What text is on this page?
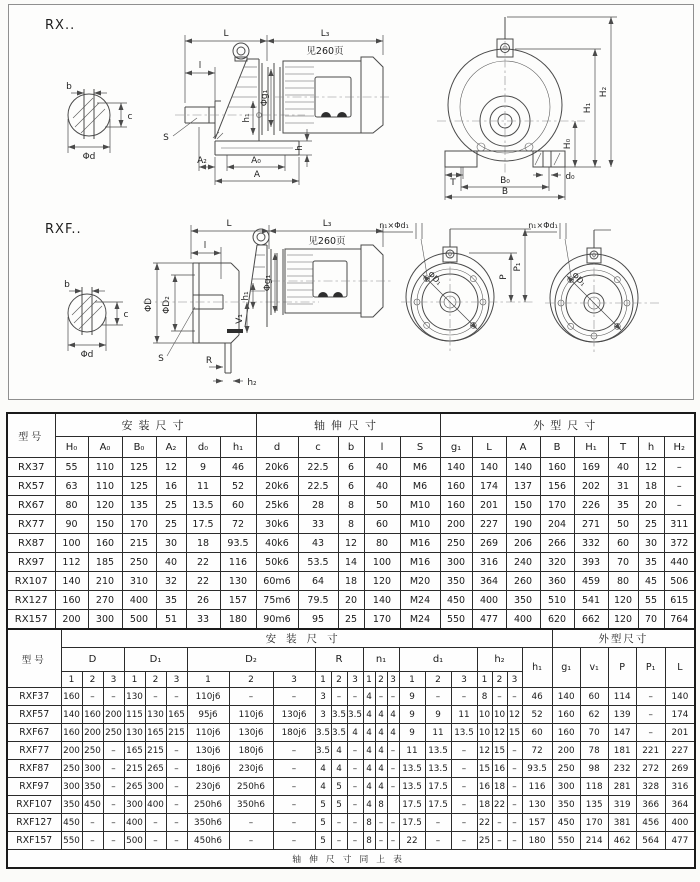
RX..
b
c
Φd
L	L₃
见260页
l
Φg₁
h₁
S
h
A₂	A₀
A
H₀
H₁
H₂
T
d₀
B₀
B
RXF..
b
c
Φd
L	L₃
见260页
l
ΦD ΦD₂
R
h₂
V₁
Φg₁
h₁
S
P
P₁
ΦD₁
n₁×Φd₁
ΦD₁
n₁×Φd₁
型号	安装尺寸						轴伸尺寸					外型尺寸							
	H₀	A₀	B₀	A₂	d₀	h₁	d	c	b	l	S	g₁	L	A	B	H₁	T	h	H₂
RX37	55	110	125	12	9	46	20k6	22.5	6	40	M6	140	140	140	160	169	40	12	–
RX57	63	110	125	16	11	52	20k6	22.5	6	40	M6	160	174	137	156	202	31	18	–
RX67	80	120	135	25	13.5	60	25k6	28	8	50	M10	160	201	150	170	226	35	20	–
RX77	90	150	170	25	17.5	72	30k6	33	8	60	M10	200	227	190	204	271	50	25	311
RX87	100	160	215	30	18	93.5	40k6	43	12	80	M16	250	269	206	266	332	60	30	372
RX97	112	185	250	40	22	116	50k6	53.5	14	100	M16	300	316	240	320	393	70	35	440
RX107	140	210	310	32	22	130	60m6	64	18	120	M20	350	364	260	360	459	80	45	506
RX127	160	270	400	35	26	157	75m6	79.5	20	140	M24	450	400	350	510	541	120	55	615
RX157	200	300	500	51	33	180	90m6	95	25	170	M24	550	477	400	620	662	120	70	764
型号	安装尺寸																						外型尺寸				
	D			D₁			D₂			R			n₁			d₁			h₂			h₁	g₁	v₁	P	P₁	L
	1	2	3	1	2	3	1	2	3	1	2	3	1	2	3	1	2	3	1	2	3						
RXF37	160	–	–	130	–	–	110j6	–	–	3	–	–	4	–	–	9	–	–	8	–	–	46	140	60	114	–	140
RXF57	140	160	200	115	130	165	95j6	110j6	130j6	3	3.5	3.5	4	4	4	9	9	11	10	10	12	52	160	62	139	–	174
RXF67	160	200	250	130	165	215	110j6	130j6	180j6	3.5	3.5	4	4	4	4	9	11	13.5	10	12	15	60	160	70	147	–	201
RXF77	200	250	–	165	215	–	130j6	180j6	–	3.5	4	–	4	4	–	11	13.5	–	12	15	–	72	200	78	181	221	227
RXF87	250	300	–	215	265	–	180j6	230j6	–	4	4	–	4	4	–	13.5	13.5	–	15	16	–	93.5	250	98	232	272	269
RXF97	300	350	–	265	300	–	230j6	250h6	–	4	5	–	4	4	–	13.5	17.5	–	16	18	–	116	300	118	281	328	316
RXF107	350	450	–	300	400	–	250h6	350h6	–	5	5	–	4	8		17.5	17.5	–	18	22	–	130	350	135	319	366	364
RXF127	450	–	–	400	–	–	350h6	–	–	5	–	–	8	–	–	17.5	–	–	22	–	–	157	450	170	381	456	400
RXF157	550	–	–	500	–	–	450h6	–	–	5	–	–	8	–	–	22	–	–	25	–	–	180	550	214	462	564	477
轴伸尺寸同上表																											
